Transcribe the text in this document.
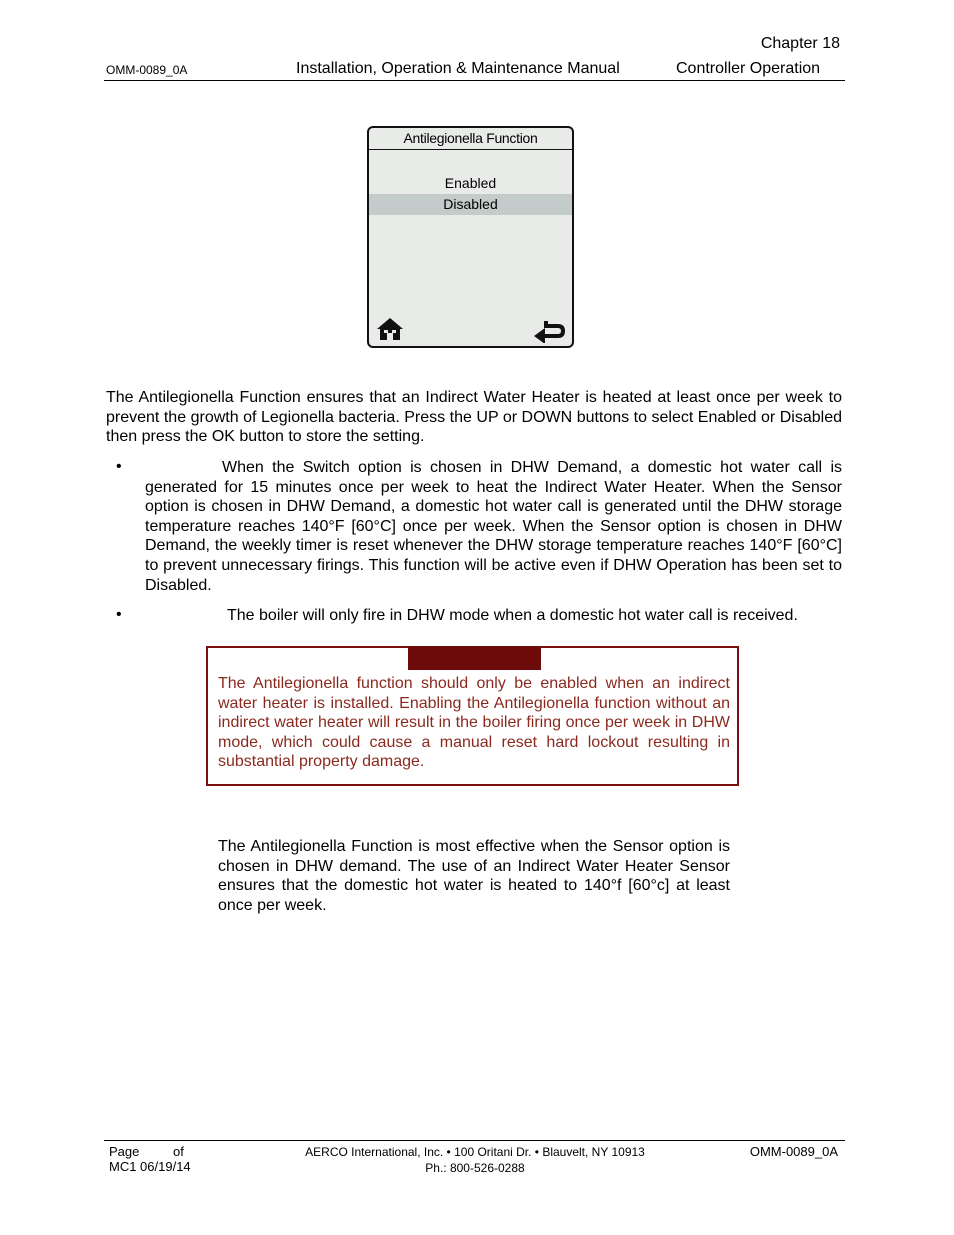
Chapter 18
OMM-0089_0A	Installation, Operation & Maintenance Manual	Controller Operation
Antilegionella Function
Enabled
Disabled
The Antilegionella Function ensures that an Indirect Water Heater is heated at least once per week to prevent the growth of Legionella bacteria. Press the UP or DOWN buttons to select Enabled or Disabled then press the OK button to store the setting.
•	When the Switch option is chosen in DHW Demand, a domestic hot water call is generated for 15 minutes once per week to heat the Indirect Water Heater. When the Sensor option is chosen in DHW Demand, a domestic hot water call is generated until the DHW storage temperature reaches 140°F [60°C] once per week. When the Sensor option is chosen in DHW Demand, the weekly timer is reset whenever the DHW storage temperature reaches 140°F [60°C] to prevent unnecessary firings. This function will be active even if DHW Operation has been set to Disabled.
•	The boiler will only fire in DHW mode when a domestic hot water call is received.
The Antilegionella function should only be enabled when an indirect water heater is installed. Enabling the Antilegionella function without an indirect water heater will result in the boiler firing once per week in DHW mode, which could cause a manual reset hard lockout resulting in substantial property damage.
The Antilegionella Function is most effective when the Sensor option is chosen in DHW demand. The use of an Indirect Water Heater Sensor ensures that the domestic hot water is heated to 140°f [60°c] at least once per week.
Page	of
MC1 06/19/14
AERCO International, Inc. • 100 Oritani Dr. • Blauvelt, NY 10913
Ph.: 800-526-0288
OMM-0089_0A
